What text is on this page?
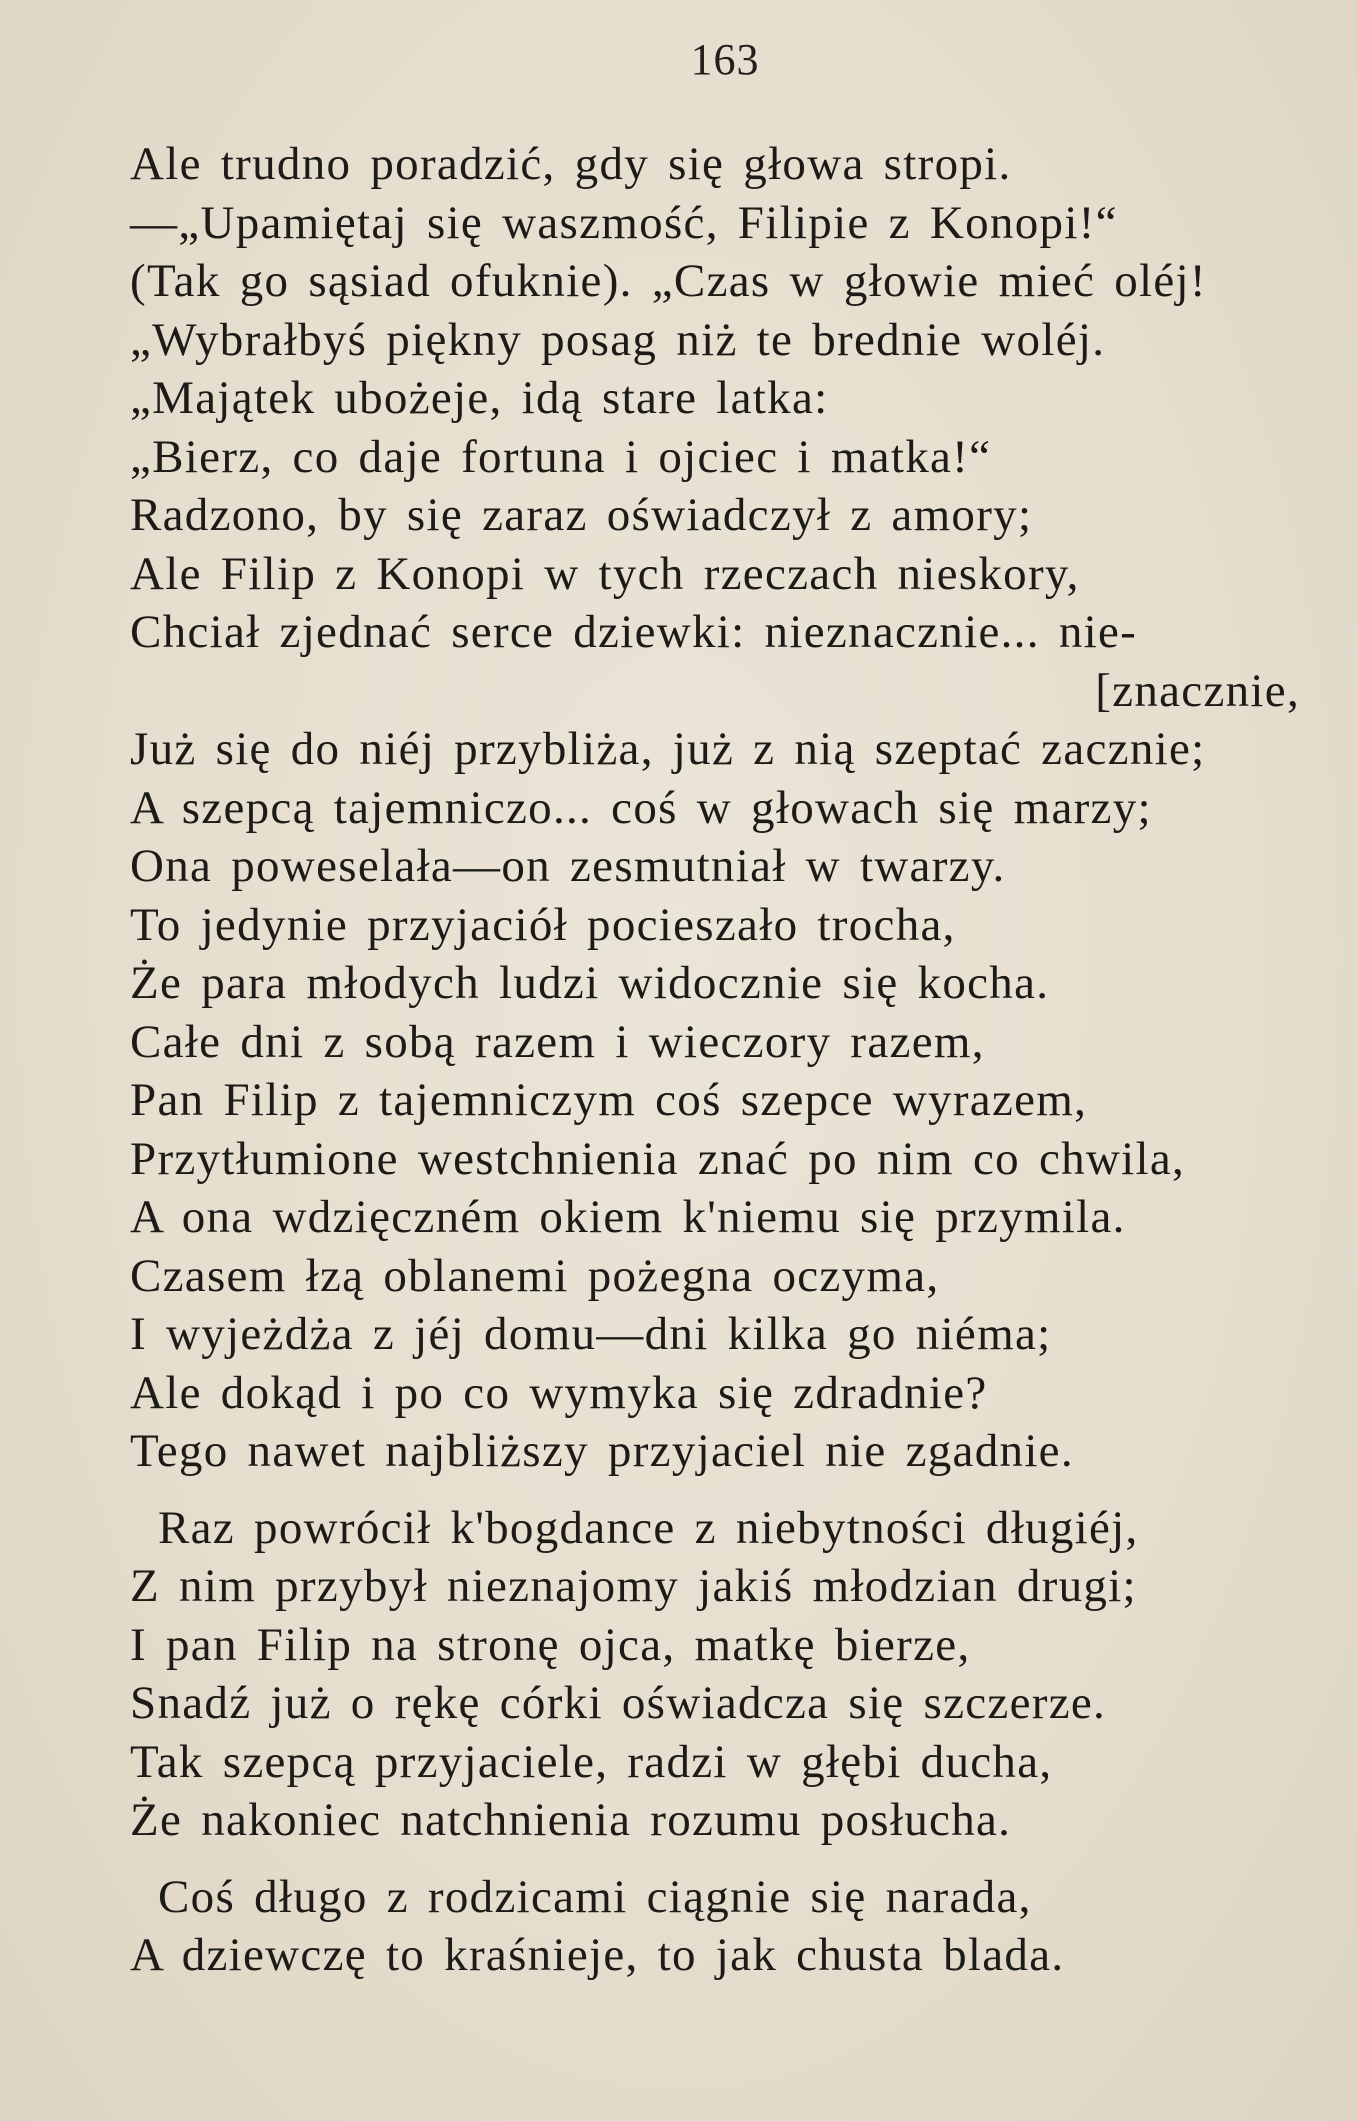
163
Ale trudno poradzić, gdy się głowa stropi.
—„Upamiętaj się waszmość, Filipie z Konopi!“
(Tak go sąsiad ofuknie). „Czas w głowie mieć oléj!
„Wybrałbyś piękny posag niż te brednie woléj.
„Majątek ubożeje, idą stare latka:
„Bierz, co daje fortuna i ojciec i matka!“
Radzono, by się zaraz oświadczył z amory;
Ale Filip z Konopi w tych rzeczach nieskory,
Chciał zjednać serce dziewki: nieznacznie... nie-
[znacznie,
Już się do niéj przybliża, już z nią szeptać zacznie;
A szepcą tajemniczo... coś w głowach się marzy;
Ona poweselała—on zesmutniał w twarzy.
To jedynie przyjaciół pocieszało trocha,
Że para młodych ludzi widocznie się kocha.
Całe dni z sobą razem i wieczory razem,
Pan Filip z tajemniczym coś szepce wyrazem,
Przytłumione westchnienia znać po nim co chwila,
A ona wdzięczném okiem k'niemu się przymila.
Czasem łzą oblanemi pożegna oczyma,
I wyjeżdża z jéj domu—dni kilka go niéma;
Ale dokąd i po co wymyka się zdradnie?
Tego nawet najbliższy przyjaciel nie zgadnie.
Raz powrócił k'bogdance z niebytności długiéj,
Z nim przybył nieznajomy jakiś młodzian drugi;
I pan Filip na stronę ojca, matkę bierze,
Snadź już o rękę córki oświadcza się szczerze.
Tak szepcą przyjaciele, radzi w głębi ducha,
Że nakoniec natchnienia rozumu posłucha.
Coś długo z rodzicami ciągnie się narada,
A dziewczę to kraśnieje, to jak chusta blada.
